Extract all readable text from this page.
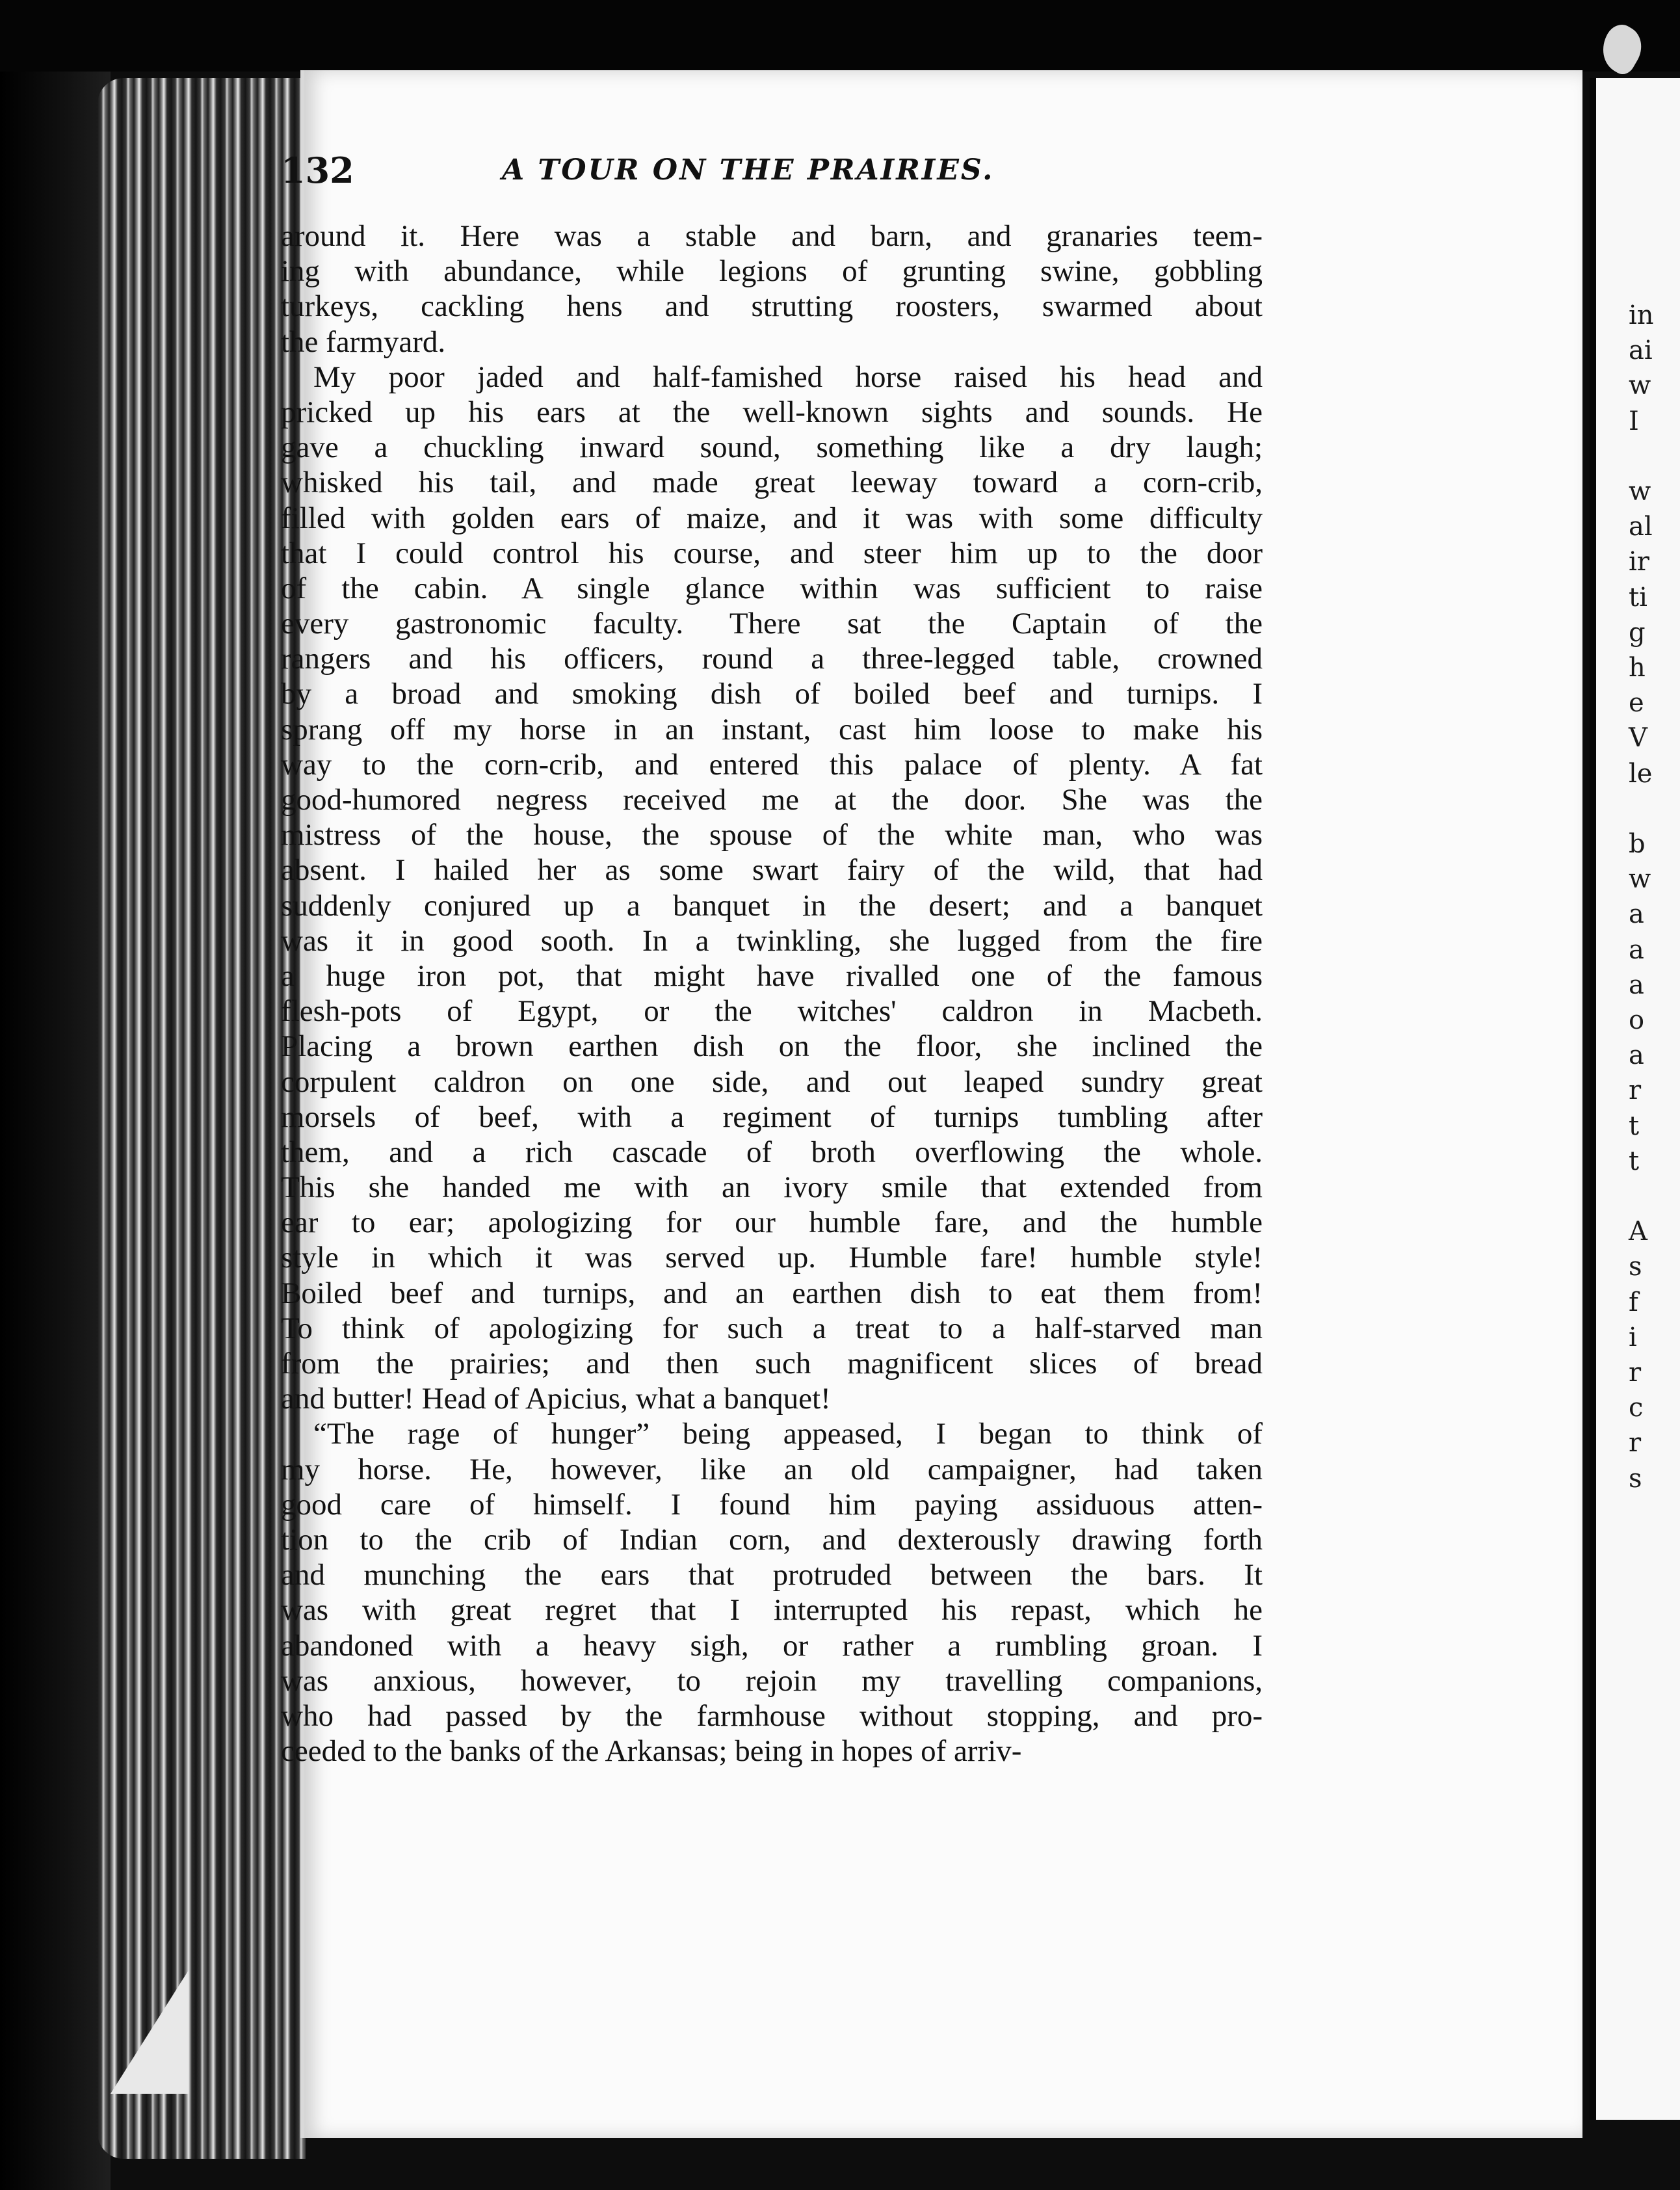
in
ai
w
I
w
al
ir
ti
g
h
e
V
le
b
w
a
a
a
o
a
r
t
t
A
s
f
i
r
c
r
s
132	A TOUR ON THE PRAIRIES.
around it. Here was a stable and barn, and granaries teem-
ing with abundance, while legions of grunting swine, gobbling
turkeys, cackling hens and strutting roosters, swarmed about
the farmyard.
My poor jaded and half-famished horse raised his head and
pricked up his ears at the well-known sights and sounds. He
gave a chuckling inward sound, something like a dry laugh;
whisked his tail, and made great leeway toward a corn-crib,
filled with golden ears of maize, and it was with some difficulty
that I could control his course, and steer him up to the door
of the cabin. A single glance within was sufficient to raise
every gastronomic faculty. There sat the Captain of the
rangers and his officers, round a three-legged table, crowned
by a broad and smoking dish of boiled beef and turnips. I
sprang off my horse in an instant, cast him loose to make his
way to the corn-crib, and entered this palace of plenty. A fat
good-humored negress received me at the door. She was the
mistress of the house, the spouse of the white man, who was
absent. I hailed her as some swart fairy of the wild, that had
suddenly conjured up a banquet in the desert; and a banquet
was it in good sooth. In a twinkling, she lugged from the fire
a huge iron pot, that might have rivalled one of the famous
flesh-pots of Egypt, or the witches' caldron in Macbeth.
Placing a brown earthen dish on the floor, she inclined the
corpulent caldron on one side, and out leaped sundry great
morsels of beef, with a regiment of turnips tumbling after
them, and a rich cascade of broth overflowing the whole.
This she handed me with an ivory smile that extended from
ear to ear; apologizing for our humble fare, and the humble
style in which it was served up. Humble fare! humble style!
Boiled beef and turnips, and an earthen dish to eat them from!
To think of apologizing for such a treat to a half-starved man
from the prairies; and then such magnificent slices of bread
and butter! Head of Apicius, what a banquet!
“The rage of hunger” being appeased, I began to think of
my horse. He, however, like an old campaigner, had taken
good care of himself. I found him paying assiduous atten-
tion to the crib of Indian corn, and dexterously drawing forth
and munching the ears that protruded between the bars. It
was with great regret that I interrupted his repast, which he
abandoned with a heavy sigh, or rather a rumbling groan. I
was anxious, however, to rejoin my travelling companions,
who had passed by the farmhouse without stopping, and pro-
ceeded to the banks of the Arkansas; being in hopes of arriv-
